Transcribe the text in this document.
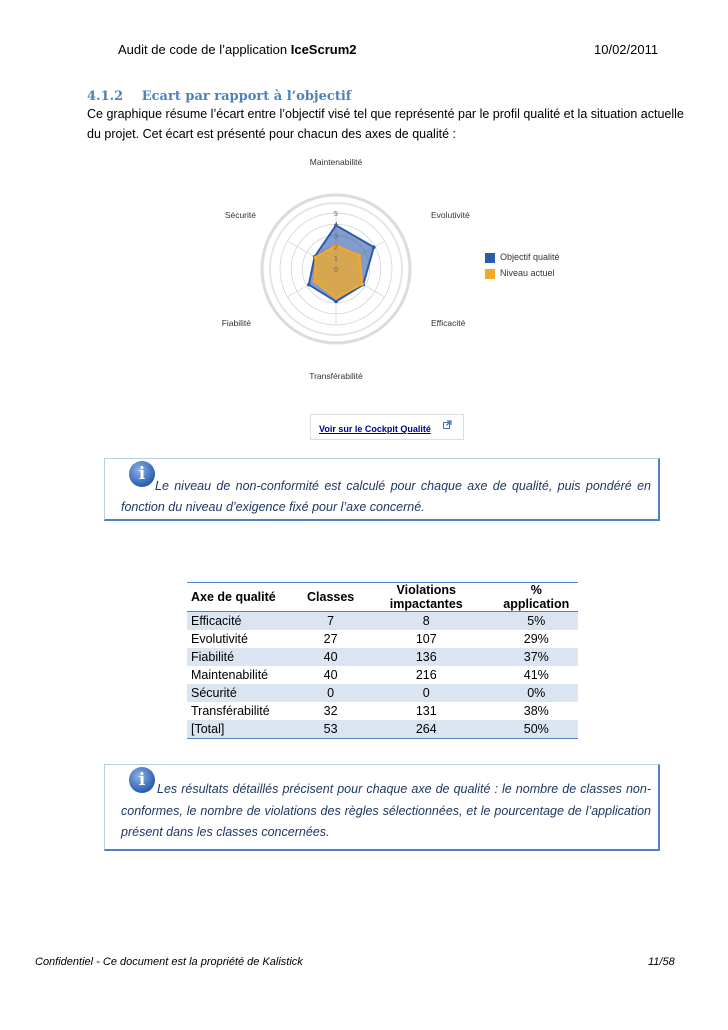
Audit de code de l’application IceScrum2	10/02/2011
4.1.2 Ecart par rapport à l’objectif
Ce graphique résume l’écart entre l’objectif visé tel que représenté par le profil qualité et la situation actuelle
du projet. Cet écart est présenté pour chacun des axes de qualité :
0
1
2
3
4
5
Maintenabilité
Evolutivité
Efficacité
Transférabilité
Fiabilité
Sécurité
Objectif qualité
Niveau actuel
Voir sur le Cockpit Qualité
i
Le niveau de non-conformité est calculé pour chaque axe de qualité, puis pondéré en
fonction du niveau d’exigence fixé pour l’axe concerné.
Axe de qualité	Classes	Violations impactantes	% application
Efficacité	7	8	5%
Evolutivité	27	107	29%
Fiabilité	40	136	37%
Maintenabilité	40	216	41%
Sécurité	0	0	0%
Transférabilité	32	131	38%
[Total]	53	264	50%
i Les résultats détaillés précisent pour chaque axe de qualité : le nombre de classes non-
conformes, le nombre de violations des règles sélectionnées, et le pourcentage de l’application
présent dans les classes concernées.
Confidentiel - Ce document est la propriété de Kalistick	11/58
